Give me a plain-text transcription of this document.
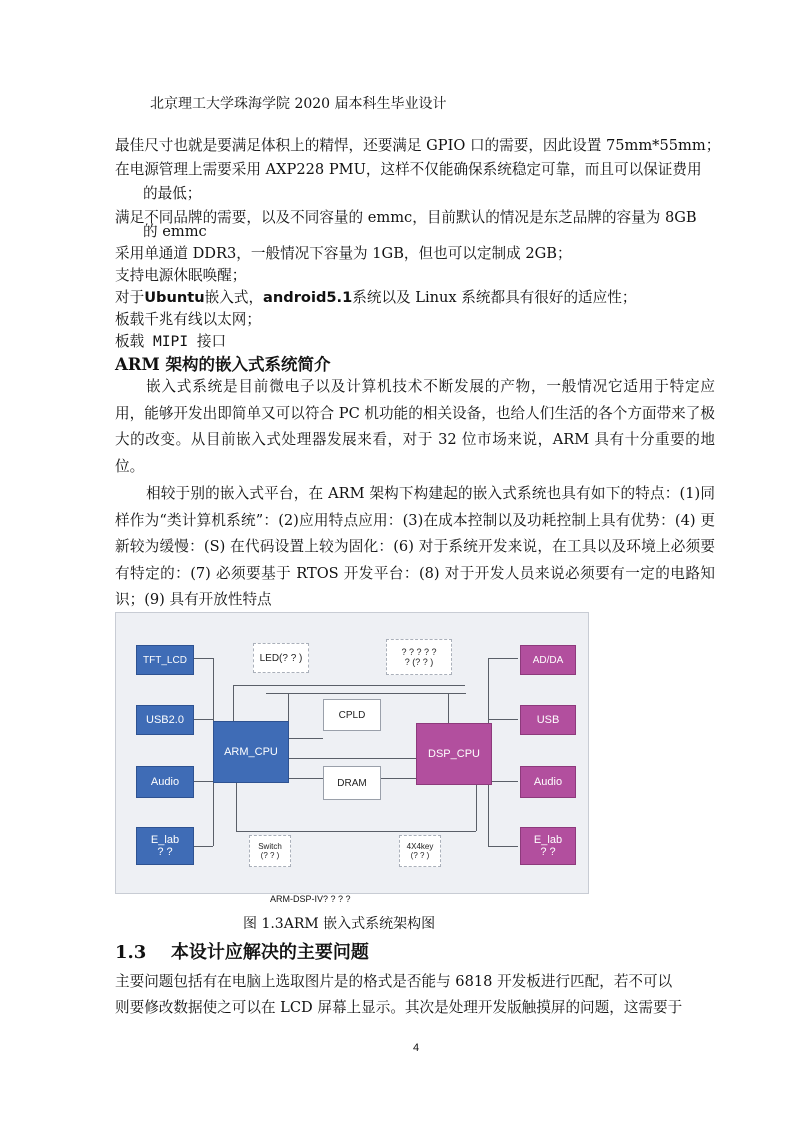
北京理工大学珠海学院 2020 届本科生毕业设计
最佳尺寸也就是要满足体积上的精悍，还要满足 GPIO 口的需要，因此设置 75mm*55mm；
在电源管理上需要采用 AXP228 PMU，这样不仅能确保系统稳定可靠，而且可以保证费用
的最低；
满足不同品牌的需要，以及不同容量的 emmc，目前默认的情况是东芝品牌的容量为 8GB
的 emmc
采用单通道 DDR3，一般情况下容量为 1GB，但也可以定制成 2GB；
支持电源休眠唤醒；
对于Ubuntu嵌入式，android5.1系统以及 Linux 系统都具有很好的适应性；
板载千兆有线以太网；
板载 MIPI 接口
ARM 架构的嵌入式系统简介
嵌入式系统是目前微电子以及计算机技术不断发展的产物，一般情况它适用于特定应用，能够开发出即简单又可以符合 PC 机功能的相关设备，也给人们生活的各个方面带来了极大的改变。从目前嵌入式处理器发展来看，对于 32 位市场来说，ARM 具有十分重要的地位。
相较于别的嵌入式平台，在 ARM 架构下构建起的嵌入式系统也具有如下的特点：(1)同样作为“类计算机系统”：(2)应用特点应用：(3)在成本控制以及功耗控制上具有优势：(4) 更新较为缓慢：(S) 在代码设置上较为固化：(6) 对于系统开发来说，在工具以及环境上必须要有特定的：(7) 必须要基于 RTOS 开发平台：(8) 对于开发人员来说必须要有一定的电路知识；(9) 具有开放性特点
TFT_LCD
USB2.0
Audio
E_lab
? ?
LED(? ? )
? ? ? ? ?
? (? ? )
CPLD
ARM_CPU
DRAM
DSP_CPU
Switch
(? ? )
4X4key
(? ? )
AD/DA
USB
Audio
E_lab
? ?
ARM-DSP-IV? ? ? ?
图 1.3ARM 嵌入式系统架构图
1.3 本设计应解决的主要问题
主要问题包括有在电脑上选取图片是的格式是否能与 6818 开发板进行匹配，若不可以
则要修改数据使之可以在 LCD 屏幕上显示。其次是处理开发版触摸屏的问题，这需要于
4
